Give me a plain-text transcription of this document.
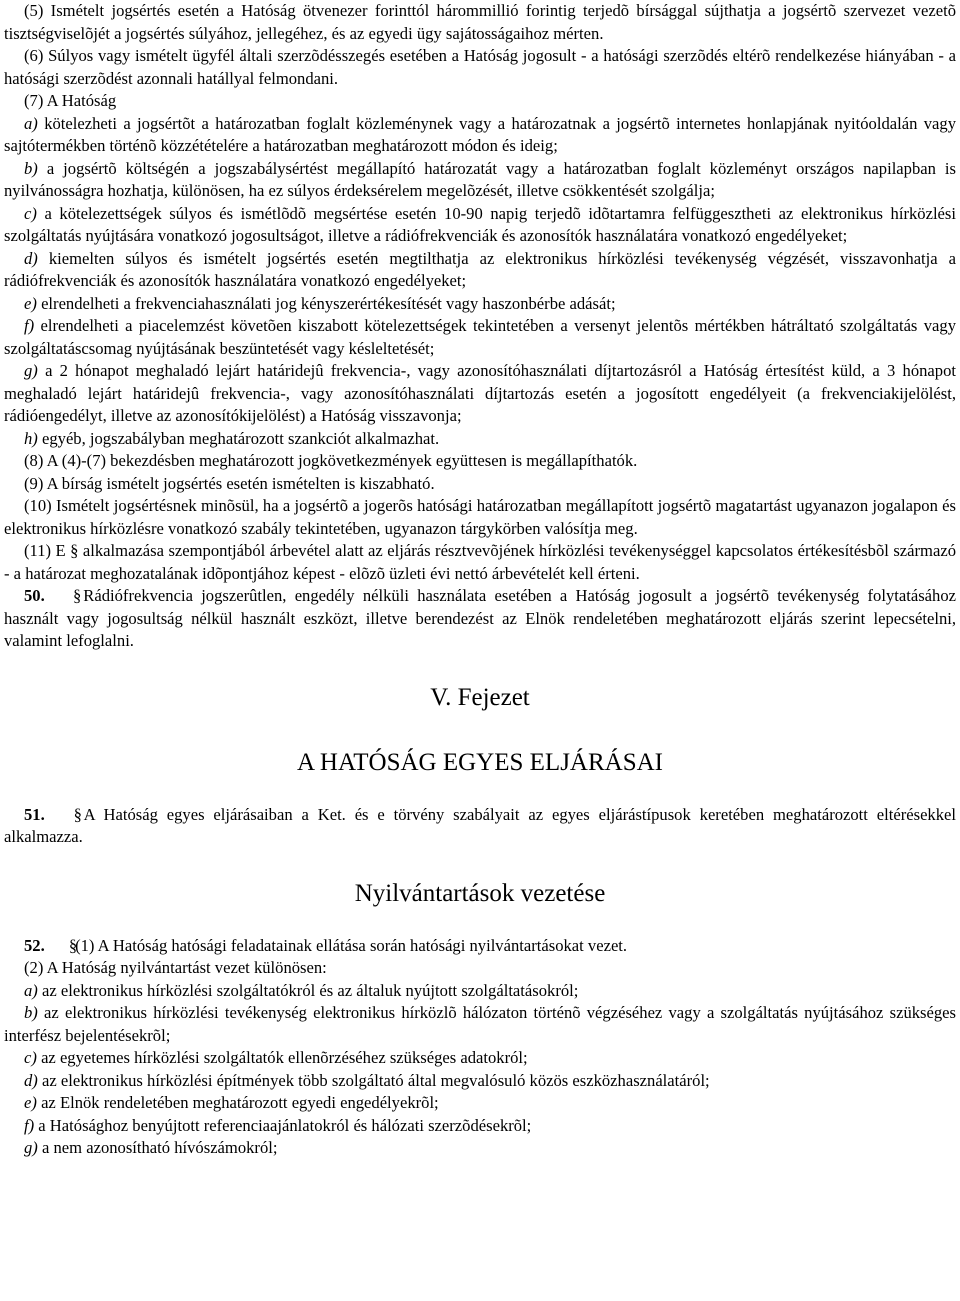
(5) Ismételt jogsértés esetén a Hatóság ötvenezer forinttól hárommillió forintig terjedõ bírsággal sújthatja a jogsértõ szervezet vezetõ tisztségviselõjét a jogsértés súlyához, jellegéhez, és az egyedi ügy sajátosságaihoz mérten.

(6) Súlyos vagy ismételt ügyfél általi szerzõdésszegés esetében a Hatóság jogosult - a hatósági szerzõdés eltérõ rendelkezése hiányában - a hatósági szerzõdést azonnali hatállyal felmondani.

(7) A Hatóság

a) kötelezheti a jogsértõt a határozatban foglalt közleménynek vagy a határozatnak a jogsértõ internetes honlapjának nyitóoldalán vagy sajtótermékben történõ közzétételére a határozatban meghatározott módon és ideig;

b) a jogsértõ költségén a jogszabálysértést megállapító határozatát vagy a határozatban foglalt közleményt országos napilapban is nyilvánosságra hozhatja, különösen, ha ez súlyos érdeksérelem megelõzését, illetve csökkentését szolgálja;

c) a kötelezettségek súlyos és ismétlõdõ megsértése esetén 10-90 napig terjedõ idõtartamra felfüggesztheti az elektronikus hírközlési szolgáltatás nyújtására vonatkozó jogosultságot, illetve a rádiófrekvenciák és azonosítók használatára vonatkozó engedélyeket;

d) kiemelten súlyos és ismételt jogsértés esetén megtilthatja az elektronikus hírközlési tevékenység végzését, visszavonhatja a rádiófrekvenciák és azonosítók használatára vonatkozó engedélyeket;

e) elrendelheti a frekvenciahasználati jog kényszerértékesítését vagy haszonbérbe adását;

f) elrendelheti a piacelemzést követõen kiszabott kötelezettségek tekintetében a versenyt jelentõs mértékben hátráltató szolgáltatás vagy szolgáltatáscsomag nyújtásának beszüntetését vagy késleltetését;

g) a 2 hónapot meghaladó lejárt határidejû frekvencia-, vagy azonosítóhasználati díjtartozásról a Hatóság értesítést küld, a 3 hónapot meghaladó lejárt határidejû frekvencia-, vagy azonosítóhasználati díjtartozás esetén a jogosított engedélyeit (a frekvenciakijelölést, rádióengedélyt, illetve az azonosítókijelölést) a Hatóság visszavonja;

h) egyéb, jogszabályban meghatározott szankciót alkalmazhat.

(8) A (4)-(7) bekezdésben meghatározott jogkövetkezmények együttesen is megállapíthatók.

(9) A bírság ismételt jogsértés esetén ismételten is kiszabható.

(10) Ismételt jogsértésnek minõsül, ha a jogsértõ a jogerõs hatósági határozatban megállapított jogsértõ magatartást ugyanazon jogalapon és elektronikus hírközlésre vonatkozó szabály tekintetében, ugyanazon tárgykörben valósítja meg.

(11) E § alkalmazása szempontjából árbevétel alatt az eljárás résztvevõjének hírközlési tevékenységgel kapcsolatos értékesítésbõl származó - a határozat meghozatalának idõpontjához képest - elõzõ üzleti évi nettó árbevételét kell érteni.

50. § Rádiófrekvencia jogszerûtlen, engedély nélküli használata esetében a Hatóság jogosult a jogsértõ tevékenység folytatásához használt vagy jogosultság nélkül használt eszközt, illetve berendezést az Elnök rendeletében meghatározott eljárás szerint lepecsételni, valamint lefoglalni.

V. Fejezet
A HATÓSÁG EGYES ELJÁRÁSAI

51. § A Hatóság egyes eljárásaiban a Ket. és e törvény szabályait az egyes eljárástípusok keretében meghatározott eltérésekkel alkalmazza.

Nyilvántartások vezetése

52. § (1) A Hatóság hatósági feladatainak ellátása során hatósági nyilvántartásokat vezet.

(2) A Hatóság nyilvántartást vezet különösen:

a) az elektronikus hírközlési szolgáltatókról és az általuk nyújtott szolgáltatásokról;

b) az elektronikus hírközlési tevékenység elektronikus hírközlõ hálózaton történõ végzéséhez vagy a szolgáltatás nyújtásához szükséges interfész bejelentésekrõl;

c) az egyetemes hírközlési szolgáltatók ellenõrzéséhez szükséges adatokról;

d) az elektronikus hírközlési építmények több szolgáltató által megvalósuló közös eszközhasználatáról;

e) az Elnök rendeletében meghatározott egyedi engedélyekrõl;

f) a Hatósághoz benyújtott referenciaajánlatokról és hálózati szerzõdésekrõl;

g) a nem azonosítható hívószámokról;
